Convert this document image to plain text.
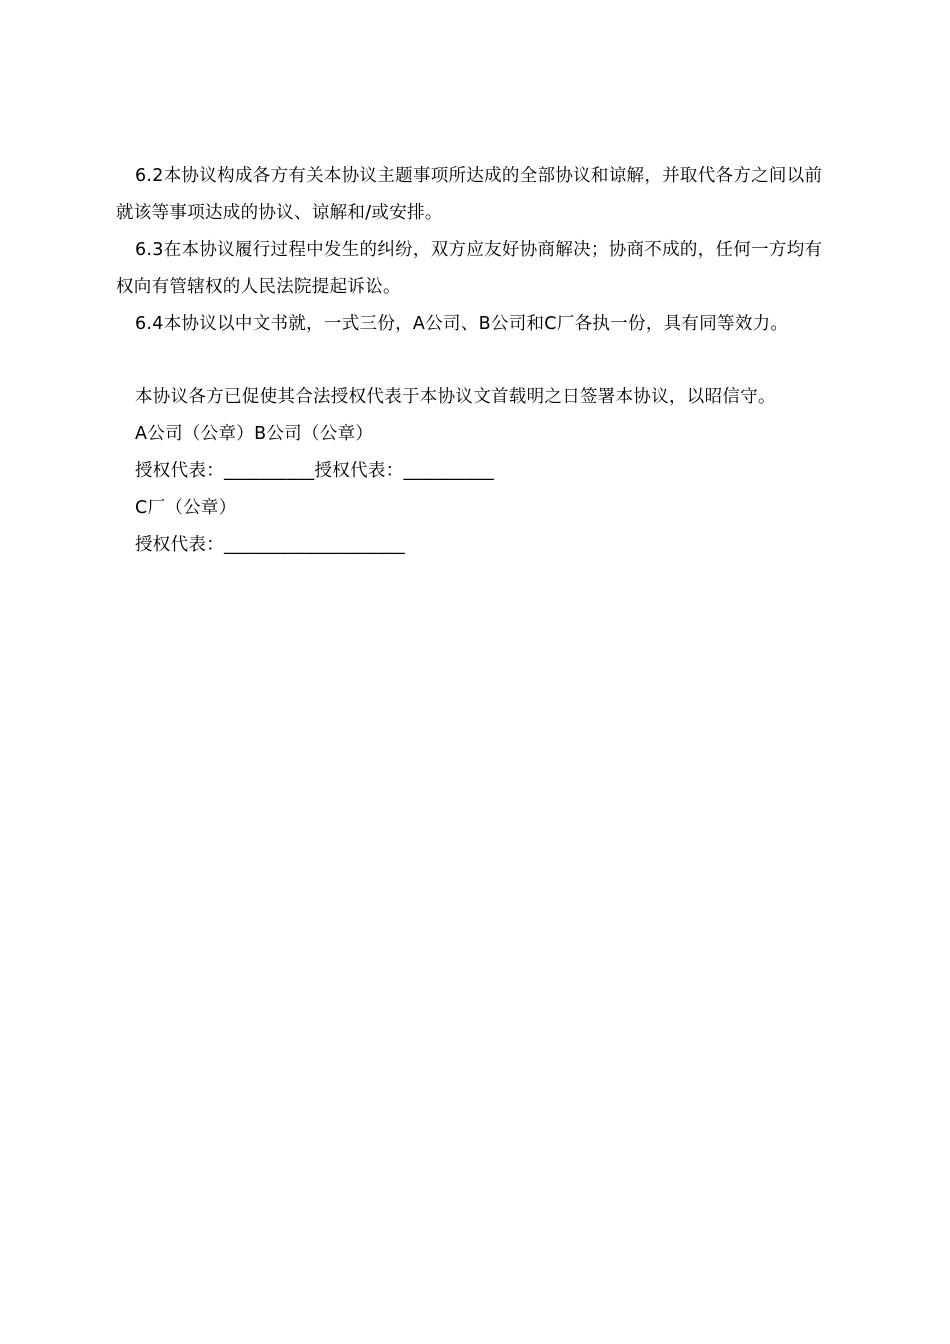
6.2本协议构成各方有关本协议主题事项所达成的全部协议和谅解，并取代各方之间以前就该等事项达成的协议、谅解和/或安排。

6.3在本协议履行过程中发生的纠纷，双方应友好协商解决；协商不成的，任何一方均有权向有管辖权的人民法院提起诉讼。

6.4本协议以中文书就，一式三份，A公司、B公司和C厂各执一份，具有同等效力。

本协议各方已促使其合法授权代表于本协议文首载明之日签署本协议，以昭信守。

A公司（公章）B公司（公章）

授权代表：__________授权代表：__________

C厂（公章）

授权代表：____________________
